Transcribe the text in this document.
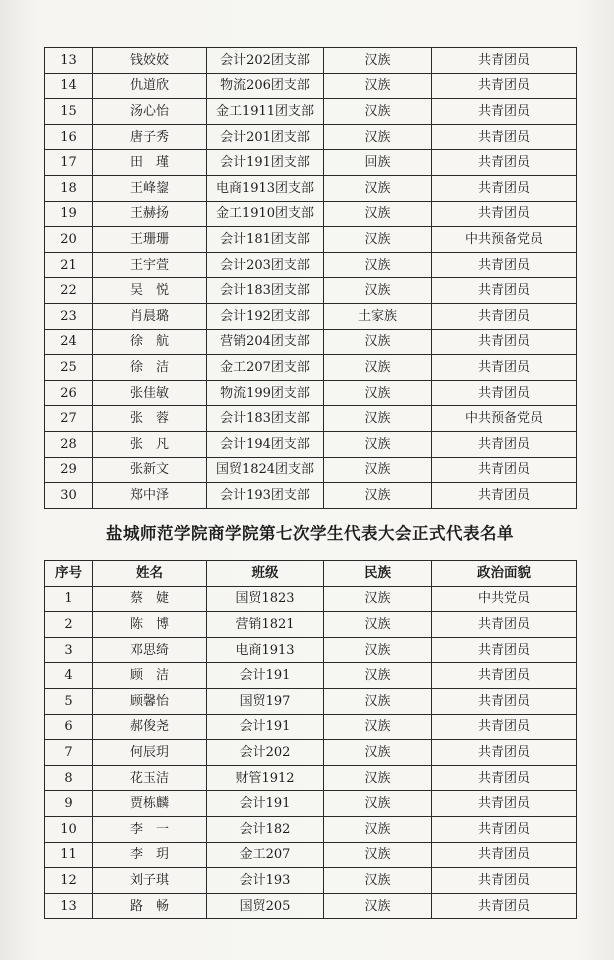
13	钱姣姣	会计202团支部	汉族	共青团员
14	仇道欣	物流206团支部	汉族	共青团员
15	汤心怡	金工1911团支部	汉族	共青团员
16	唐子秀	会计201团支部	汉族	共青团员
17	田　瑾	会计191团支部	回族	共青团员
18	王峰鋆	电商1913团支部	汉族	共青团员
19	王赫扬	金工1910团支部	汉族	共青团员
20	王珊珊	会计181团支部	汉族	中共预备党员
21	王宇萱	会计203团支部	汉族	共青团员
22	吴　悦	会计183团支部	汉族	共青团员
23	肖晨璐	会计192团支部	土家族	共青团员
24	徐　航	营销204团支部	汉族	共青团员
25	徐　洁	金工207团支部	汉族	共青团员
26	张佳敏	物流199团支部	汉族	共青团员
27	张　蓉	会计183团支部	汉族	中共预备党员
28	张　凡	会计194团支部	汉族	共青团员
29	张新文	国贸1824团支部	汉族	共青团员
30	郑中泽	会计193团支部	汉族	共青团员
盐城师范学院商学院第七次学生代表大会正式代表名单
序号	姓名	班级	民族	政治面貌
1	蔡　婕	国贸1823	汉族	中共党员
2	陈　博	营销1821	汉族	共青团员
3	邓思绮	电商1913	汉族	共青团员
4	顾　洁	会计191	汉族	共青团员
5	顾馨怡	国贸197	汉族	共青团员
6	郝俊尧	会计191	汉族	共青团员
7	何辰玥	会计202	汉族	共青团员
8	花玉洁	财管1912	汉族	共青团员
9	贾栋麟	会计191	汉族	共青团员
10	李　一	会计182	汉族	共青团员
11	李　玥	金工207	汉族	共青团员
12	刘子琪	会计193	汉族	共青团员
13	路　畅	国贸205	汉族	共青团员
